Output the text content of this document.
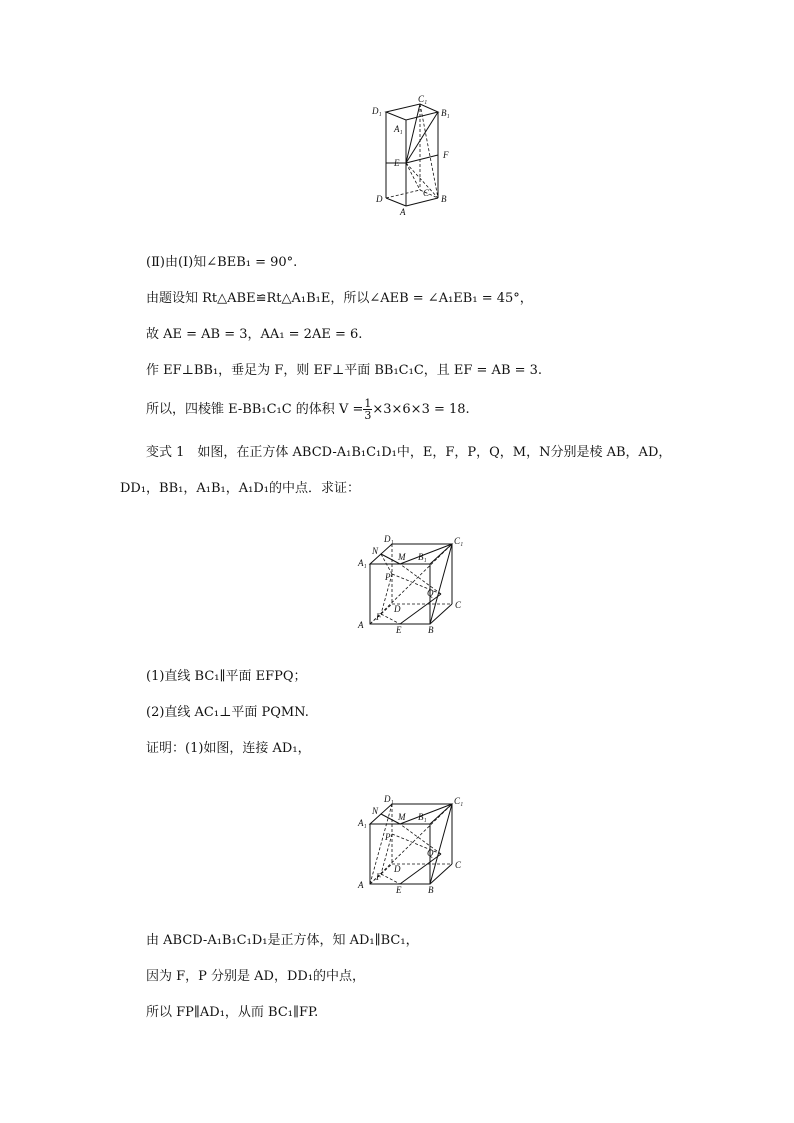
D₁
C₁
B₁
A₁
E
F
C
D
A
B
(Ⅱ)由(Ⅰ)知∠BEB₁ = 90°.
由题设知 Rt△ABE≌Rt△A₁B₁E，所以∠AEB = ∠A₁EB₁ = 45°，
故 AE = AB = 3，AA₁ = 2AE = 6.
作 EF⊥BB₁，垂足为 F，则 EF⊥平面 BB₁C₁C，且 EF = AB = 3.
所以，四棱锥 E-BB₁C₁C 的体积 $V = \frac{1}{3} \times 3\times 6\times 3 = 18$.
变式 1　如图，在正方体 ABCD-A₁B₁C₁D₁中，E，F，P，Q，M，N分别是棱 AB，AD，
DD₁，BB₁，A₁B₁，A₁D₁的中点．求证：
D₁	C₁
N
M B₁
A₁
P
Q
C
D
F
A	E	B
(1)直线 BC₁∥平面 EFPQ；
(2)直线 AC₁⊥平面 PQMN.
证明：(1)如图，连接 AD₁，
D₁	C₁
N
M B₁
A₁
P
Q
C
D
F
A	E	B
由 ABCD-A₁B₁C₁D₁是正方体，知 AD₁∥BC₁，
因为 F，P 分别是 AD，DD₁的中点，
所以 FP∥AD₁，从而 BC₁∥FP.
